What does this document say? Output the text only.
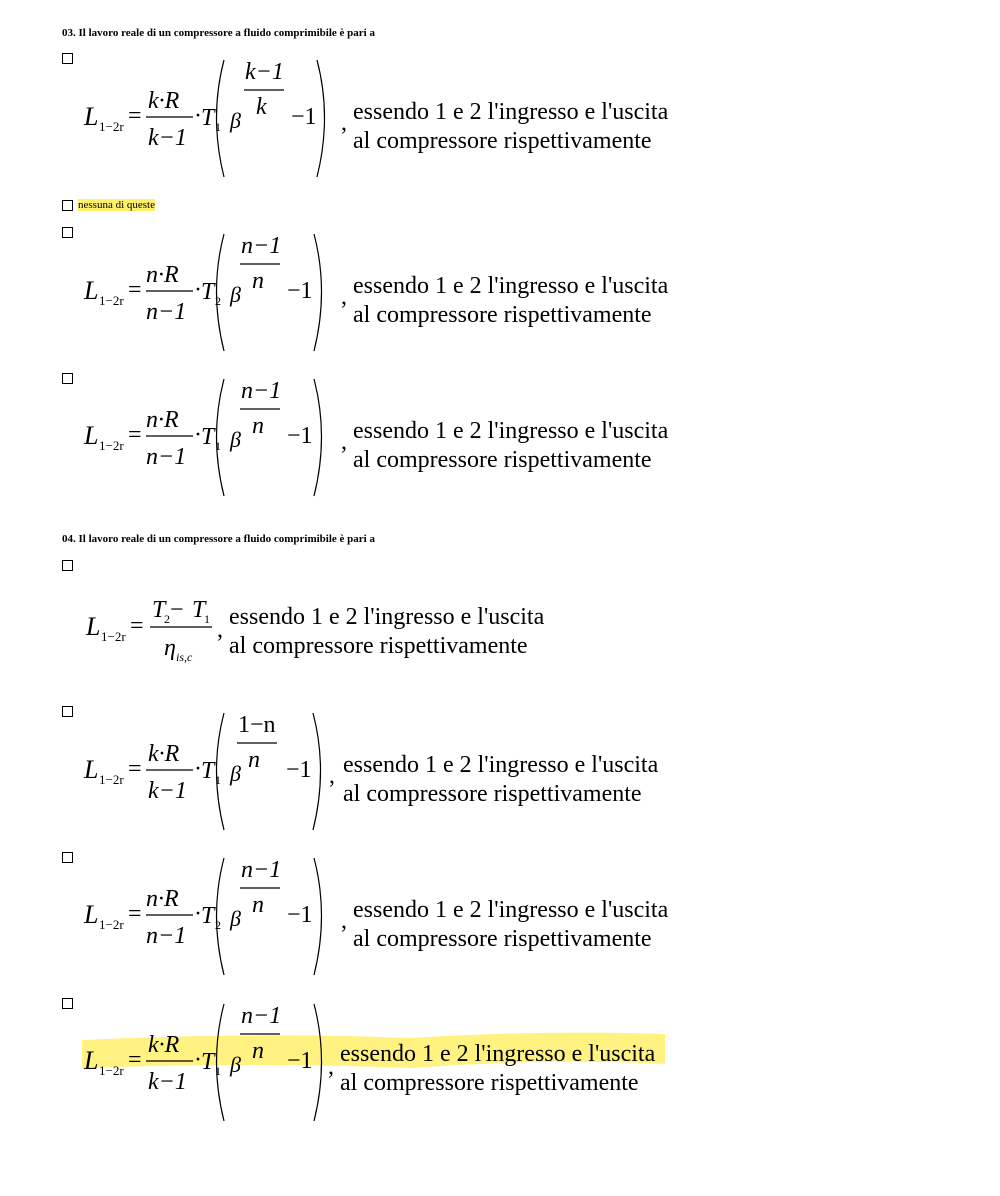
03. Il lavoro reale di un compressore a fluido comprimibile è pari a
L 1−2r =
k·R
k−1
· T 1 β
k−1
k −1 , essendo 1 e 2 l'ingresso e l'uscita
al compressore rispettivamente
nessuna di queste
L 1−2r =
n·R
n−1
· T 2 β
n−1
n −1 , essendo 1 e 2 l'ingresso e l'uscita
al compressore rispettivamente
L 1−2r =
n·R
n−1
· T 1 β
n−1
n −1 , essendo 1 e 2 l'ingresso e l'uscita
al compressore rispettivamente
04. Il lavoro reale di un compressore a fluido comprimibile è pari a
L 1−2r =
T
2 − T
1
η is,c
, essendo 1 e 2 l'ingresso e l'uscita
al compressore rispettivamente
L 1−2r =
k·R
k−1
· T 1 β
1−n
n −1 , essendo 1 e 2 l'ingresso e l'uscita
al compressore rispettivamente
L 1−2r =
n·R
n−1
· T 2 β
n−1
n −1 , essendo 1 e 2 l'ingresso e l'uscita
al compressore rispettivamente
L 1−2r =
k·R
k−1
· T 1 β
n−1
n −1 , essendo 1 e 2 l'ingresso e l'uscita
al compressore rispettivamente
